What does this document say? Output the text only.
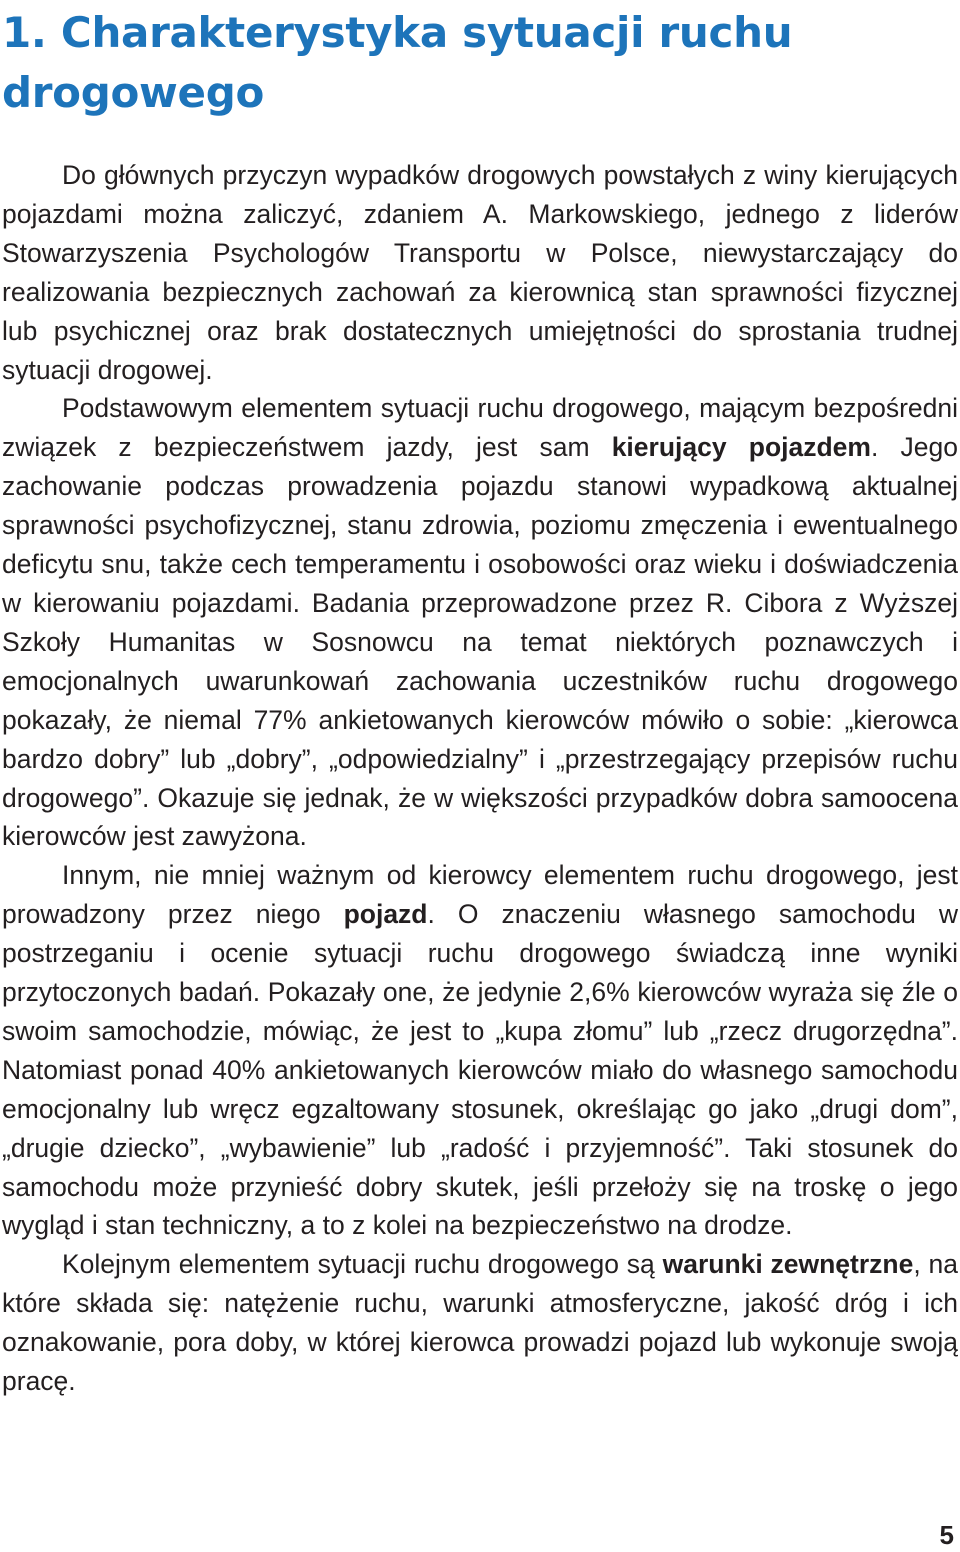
1. Charakterystyka sytuacji ruchu drogowego

Do głównych przyczyn wypadków drogowych powstałych z winy kierujących pojazdami można zaliczyć, zdaniem A. Markowskiego, jednego z liderów Stowarzyszenia Psychologów Transportu w Polsce, niewystarczający do realizowania bezpiecznych zachowań za kierownicą stan sprawności fizycznej lub psychicznej oraz brak dostatecznych umiejętności do sprostania trudnej sytuacji drogowej.

Podstawowym elementem sytuacji ruchu drogowego, mającym bezpośredni związek z bezpieczeństwem jazdy, jest sam kierujący pojazdem. Jego zachowanie podczas prowadzenia pojazdu stanowi wypadkową aktualnej sprawności psychofizycznej, stanu zdrowia, poziomu zmęczenia i ewentualnego deficytu snu, także cech temperamentu i osobowości oraz wieku i doświadczenia w kierowaniu pojazdami. Badania przeprowadzone przez R. Cibora z Wyższej Szkoły Humanitas w Sosnowcu na temat niektórych poznawczych i emocjonalnych uwarunkowań zachowania uczestników ruchu drogowego pokazały, że niemal 77% ankietowanych kierowców mówiło o sobie: „kierowca bardzo dobry” lub „dobry”, „odpowiedzialny” i „przestrzegający przepisów ruchu drogowego”. Okazuje się jednak, że w większości przypadków dobra samoocena kierowców jest zawyżona.

Innym, nie mniej ważnym od kierowcy elementem ruchu drogowego, jest prowadzony przez niego pojazd. O znaczeniu własnego samochodu w postrzeganiu i ocenie sytuacji ruchu drogowego świadczą inne wyniki przytoczonych badań. Pokazały one, że jedynie 2,6% kierowców wyraża się źle o swoim samochodzie, mówiąc, że jest to „kupa złomu” lub „rzecz drugorzędna”. Natomiast ponad 40% ankietowanych kierowców miało do własnego samochodu emocjonalny lub wręcz egzaltowany stosunek, określając go jako „drugi dom”, „drugie dziecko”, „wybawienie” lub „radość i przyjemność”. Taki stosunek do samochodu może przynieść dobry skutek, jeśli przełoży się na troskę o jego wygląd i stan techniczny, a to z kolei na bezpieczeństwo na drodze.

Kolejnym elementem sytuacji ruchu drogowego są warunki zewnętrzne, na które składa się: natężenie ruchu, warunki atmosferyczne, jakość dróg i ich oznakowanie, pora doby, w której kierowca prowadzi pojazd lub wykonuje swoją pracę.

5
